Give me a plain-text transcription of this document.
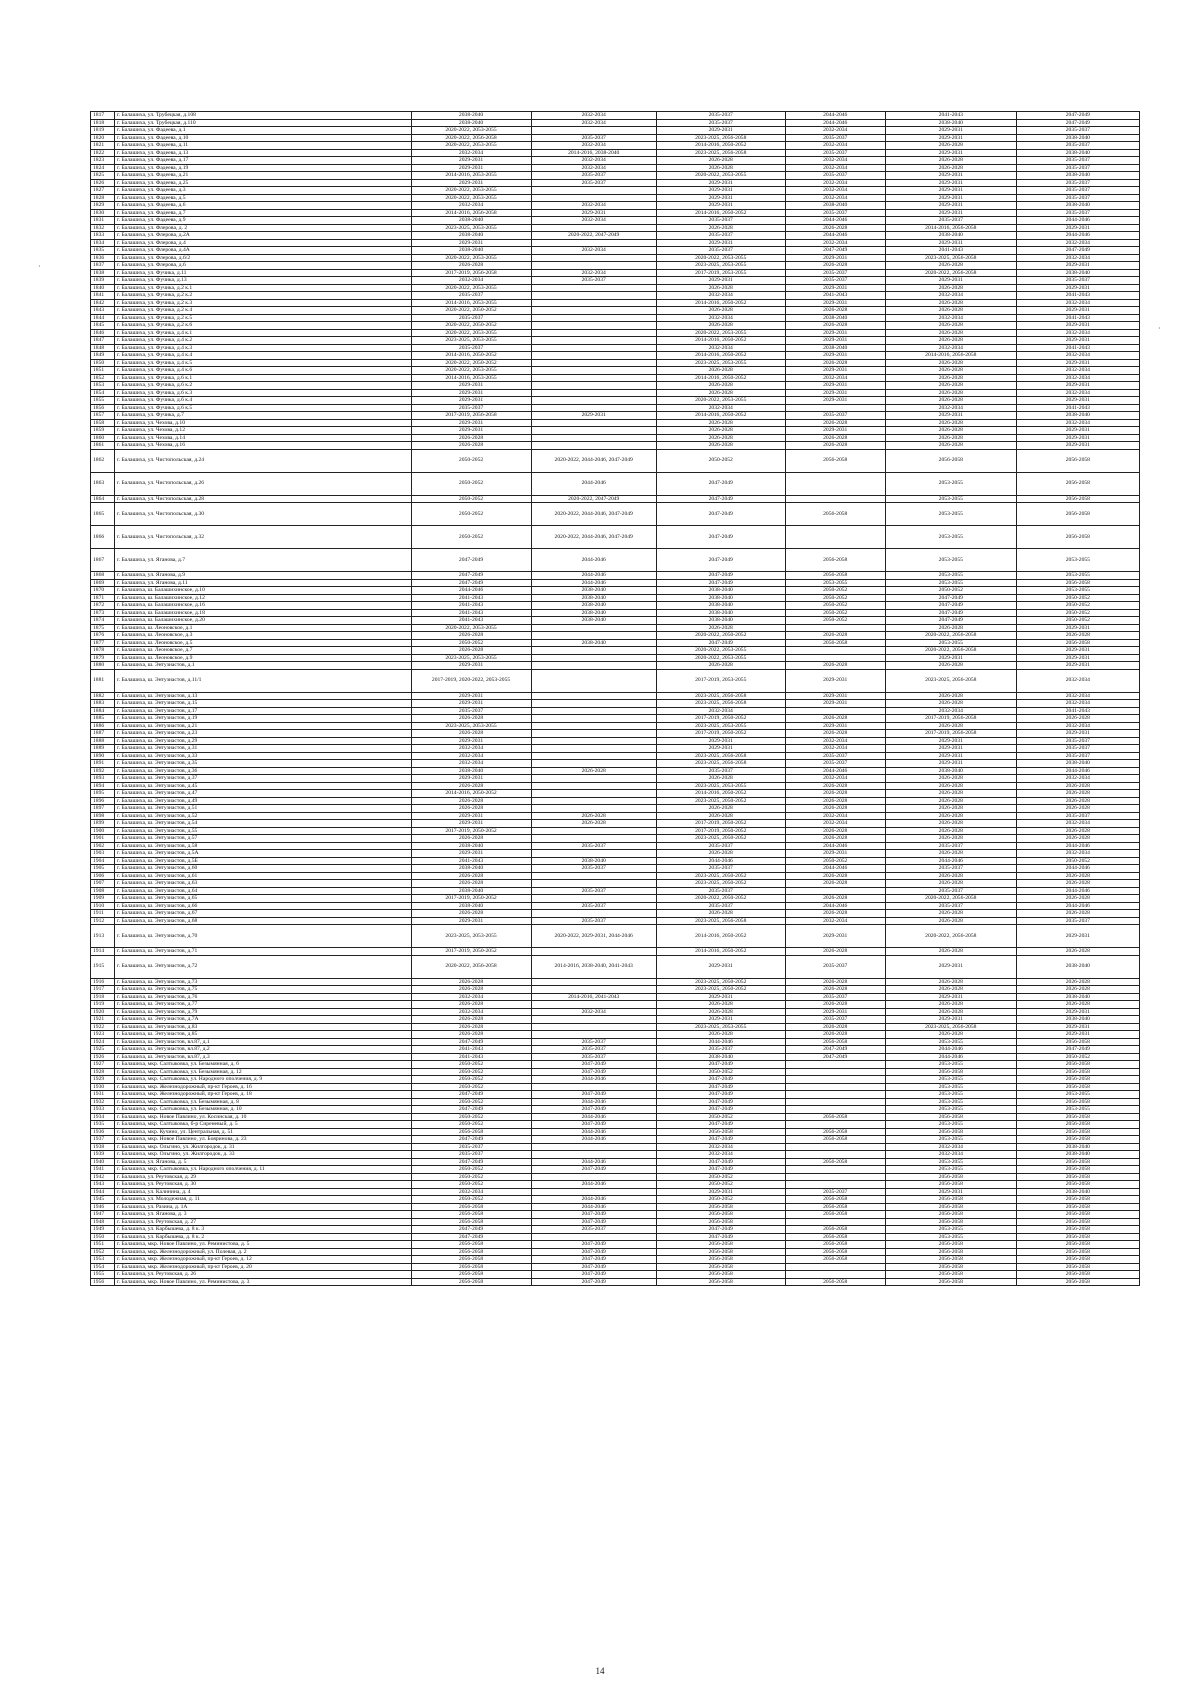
1817	г. Балашиха, ул. Трубецкая, д.108	2038-2040	2032-2034	2035-2037	2044-2046	2041-2043	2047-2049
1818	г. Балашиха, ул. Трубецкая, д.110	2038-2040	2032-2034	2035-2037	2044-2046	2038-2040	2047-2049
1819	г. Балашиха, ул. Фадеева, д.1	2020-2022, 2053-2055		2029-2031	2032-2034	2029-2031	2035-2037
1820	г. Балашиха, ул. Фадеева, д.10	2020-2022, 2056-2058	2035-2037	2023-2025, 2056-2058	2035-2037	2029-2031	2038-2040
1821	г. Балашиха, ул. Фадеева, д.11	2020-2022, 2053-2055	2032-2034	2014-2016, 2050-2052	2032-2034	2026-2028	2035-2037
1822	г. Балашиха, ул. Фадеева, д.13	2032-2034	2014-2016, 2038-2040	2023-2025, 2056-2058	2035-2037	2029-2031	2038-2040
1823	г. Балашиха, ул. Фадеева, д.17	2029-2031	2032-2034	2026-2028	2032-2034	2026-2028	2035-2037
1824	г. Балашиха, ул. Фадеева, д.19	2029-2031	2032-2034	2026-2028	2032-2034	2026-2028	2035-2037
1825	г. Балашиха, ул. Фадеева, д.21	2014-2016, 2053-2055	2035-2037	2020-2022, 2053-2055	2035-2037	2029-2031	2038-2040
1826	г. Балашиха, ул. Фадеева, д.25	2029-2031	2035-2037	2029-2031	2032-2034	2029-2031	2035-2037
1827	г. Балашиха, ул. Фадеева, д.3	2020-2022, 2053-2055		2029-2031	2032-2034	2029-2031	2035-2037
1828	г. Балашиха, ул. Фадеева, д.5	2020-2022, 2053-2055		2029-2031	2032-2034	2029-2031	2035-2037
1829	г. Балашиха, ул. Фадеева, д.6	2032-2034	2032-2034	2029-2031	2038-2040	2029-2031	2038-2040
1830	г. Балашиха, ул. Фадеева, д.7	2014-2016, 2056-2058	2029-2031	2014-2016, 2050-2052	2035-2037	2029-2031	2035-2037
1831	г. Балашиха, ул. Фадеева, д.9	2038-2040	2032-2034	2035-2037	2044-2046	2035-2037	2044-2046
1832	г. Балашиха, ул. Флерова, д. 2	2023-2025, 2053-2055		2026-2028	2026-2028	2014-2016, 2056-2058	2029-2031
1833	г. Балашиха, ул. Флерова, д.2А	2038-2040	2020-2022, 2047-2049	2035-2037	2044-2046	2038-2040	2044-2046
1834	г. Балашиха, ул. Флерова, д.4	2029-2031		2029-2031	2032-2034	2029-2031	2032-2034
1835	г. Балашиха, ул. Флерова, д.4А	2038-2040	2032-2034	2035-2037	2047-2049	2041-2043	2047-2049
1836	г. Балашиха, ул. Флерова, д.6/2	2020-2022, 2053-2055		2020-2022, 2053-2055	2029-2031	2023-2025, 2056-2058	2032-2034
1837	г. Балашиха, ул. Флерова, д.6	2026-2028		2023-2025, 2053-2055	2026-2028	2026-2028	2029-2031
1838	г. Балашиха, ул. Фучика, д.11	2017-2019, 2056-2058	2032-2034	2017-2019, 2053-2055	2035-2037	2020-2022, 2056-2058	2038-2040
1839	г. Балашиха, ул. Фучика, д.13	2032-2034	2035-2037	2029-2031	2035-2037	2029-2031	2035-2037
1840	г. Балашиха, ул. Фучика, д.2 к.1	2020-2022, 2053-2055		2026-2028	2029-2031	2026-2028	2029-2031
1841	г. Балашиха, ул. Фучика, д.2 к.2	2035-2037		2032-2034	2041-2043	2032-2034	2041-2043
1842	г. Балашиха, ул. Фучика, д.2 к.3	2014-2016, 2053-2055		2014-2016, 2050-2052	2029-2031	2026-2028	2032-2034
1843	г. Балашиха, ул. Фучика, д.2 к.4	2020-2022, 2050-2052		2026-2028	2026-2028	2026-2028	2029-2031
1844	г. Балашиха, ул. Фучика, д.2 к.5	2035-2037		2032-2034	2038-2040	2032-2034	2041-2043
1845	г. Балашиха, ул. Фучика, д.2 к.6	2020-2022, 2050-2052		2026-2028	2026-2028	2026-2028	2029-2031
1846	г. Балашиха, ул. Фучика, д.4 к.1	2020-2022, 2053-2055		2020-2022, 2053-2055	2029-2031	2026-2028	2032-2034
1847	г. Балашиха, ул. Фучика, д.4 к.2	2023-2025, 2053-2055		2014-2016, 2050-2052	2029-2031	2026-2028	2029-2031
1848	г. Балашиха, ул. Фучика, д.4 к.3	2035-2037		2032-2034	2038-2040	2032-2034	2041-2043
1849	г. Балашиха, ул. Фучика, д.4 к.4	2014-2016, 2050-2052		2014-2016, 2050-2052	2029-2031	2014-2016, 2056-2058	2032-2034
1850	г. Балашиха, ул. Фучика, д.4 к.5	2020-2022, 2050-2052		2023-2025, 2053-2055	2026-2028	2026-2028	2029-2031
1851	г. Балашиха, ул. Фучика, д.4 к.6	2020-2022, 2053-2055		2026-2028	2029-2031	2026-2028	2032-2034
1852	г. Балашиха, ул. Фучика, д.6 к.1	2014-2016, 2053-2055		2014-2016, 2050-2052	2032-2034	2026-2028	2032-2034
1853	г. Балашиха, ул. Фучика, д.6 к.2	2029-2031		2026-2028	2029-2031	2026-2028	2029-2031
1854	г. Балашиха, ул. Фучика, д.6 к.3	2029-2031		2026-2028	2029-2031	2026-2028	2032-2034
1855	г. Балашиха, ул. Фучика, д.6 к.4	2029-2031		2020-2022, 2053-2055	2029-2031	2026-2028	2029-2031
1856	г. Балашиха, ул. Фучика, д.6 к.5	2035-2037		2032-2034		2032-2034	2041-2043
1857	г. Балашиха, ул. Фучика, д.7	2017-2019, 2056-2058	2029-2031	2014-2016, 2050-2052	2035-2037	2029-2031	2038-2040
1858	г. Балашиха, ул. Чехова, д.10	2029-2031		2026-2028	2026-2028	2026-2028	2032-2034
1859	г. Балашиха, ул. Чехова, д.12	2029-2031		2026-2028	2029-2031	2026-2028	2029-2031
1860	г. Балашиха, ул. Чехова, д.14	2026-2028		2026-2028	2026-2028	2026-2028	2029-2031
1861	г. Балашиха, ул. Чехова, д.16	2026-2028		2026-2028	2026-2028	2026-2028	2029-2031
1862	г. Балашиха, ул. Чистопольская, д.24	2050-2052	2020-2022, 2044-2046, 2047-2049	2050-2052	2056-2058	2056-2058	2056-2058
1863	г. Балашиха, ул. Чистопольская, д.26	2050-2052	2044-2046	2047-2049		2053-2055	2056-2058
1864	г. Балашиха, ул. Чистопольская, д.28	2050-2052	2020-2022, 2047-2049	2047-2049		2053-2055	2056-2058
1865	г. Балашиха, ул. Чистопольская, д.30	2050-2052	2020-2022, 2044-2046, 2047-2049	2047-2049	2056-2058	2053-2055	2056-2058
1866	г. Балашиха, ул. Чистопольская, д.32	2050-2052	2020-2022, 2044-2046, 2047-2049	2047-2049		2053-2055	2056-2058
1867	г. Балашиха, ул. Яганова, д.7	2047-2049	2044-2046	2047-2049	2056-2058	2053-2055	2053-2055
1868	г. Балашиха, ул. Яганова, д.9	2047-2049	2044-2046	2047-2049	2056-2058	2053-2055	2053-2055
1869	г. Балашиха, ул. Яганова, д.11	2047-2049	2044-2046	2047-2049	2053-2055	2053-2055	2056-2058
1870	г. Балашиха, ш. Балашихинское, д.10	2044-2046	2038-2040	2038-2040	2050-2052	2050-2052	2053-2055
1871	г. Балашиха, ш. Балашихинское, д.12	2041-2043	2038-2040	2038-2040	2050-2052	2047-2049	2050-2052
1872	г. Балашиха, ш. Балашихинское, д.16	2041-2043	2038-2040	2038-2040	2050-2052	2047-2049	2050-2052
1873	г. Балашиха, ш. Балашихинское, д.18	2041-2043	2038-2040	2038-2040	2050-2052	2047-2049	2050-2052
1874	г. Балашиха, ш. Балашихинское, д.20	2041-2043	2038-2040	2038-2040	2050-2052	2047-2049	2050-2052
1875	г. Балашиха, ш. Леоновское, д.1	2020-2022, 2053-2055		2026-2028		2026-2028	2029-2031
1876	г. Балашиха, ш. Леоновское, д.3	2026-2028		2020-2022, 2050-2052	2026-2028	2020-2022, 2056-2058	2026-2028
1877	г. Балашиха, ш. Леоновское, д.5	2050-2052	2038-2040	2047-2049	2056-2058	2053-2055	2056-2058
1878	г. Балашиха, ш. Леоновское, д.7	2026-2028		2020-2022, 2053-2055		2020-2022, 2056-2058	2029-2031
1879	г. Балашиха, ш. Леоновское, д.9	2023-2025, 2053-2055		2020-2022, 2053-2055		2029-2031	2029-2031
1880	г. Балашиха, ш. Энтузиастов, д.1	2029-2031		2026-2028	2026-2028	2026-2028	2029-2031
1881	г. Балашиха, ш. Энтузиастов, д.11/1	2017-2019, 2020-2022, 2053-2055		2017-2019, 2053-2055	2029-2031	2023-2025, 2056-2058	2032-2034
1882	г. Балашиха, ш. Энтузиастов, д.13	2029-2031		2023-2025, 2056-2058	2029-2031	2026-2028	2032-2034
1883	г. Балашиха, ш. Энтузиастов, д.15	2029-2031		2023-2025, 2056-2058	2029-2031	2026-2028	2032-2034
1884	г. Балашиха, ш. Энтузиастов, д.17	2035-2037		2032-2034		2032-2034	2041-2043
1885	г. Балашиха, ш. Энтузиастов, д.19	2026-2028		2017-2019, 2050-2052	2026-2028	2017-2019, 2056-2058	2026-2028
1886	г. Балашиха, ш. Энтузиастов, д.21	2023-2025, 2053-2055		2023-2025, 2053-2055	2029-2031	2026-2028	2032-2034
1887	г. Балашиха, ш. Энтузиастов, д.23	2026-2028		2017-2019, 2050-2052	2026-2028	2017-2019, 2056-2058	2029-2031
1888	г. Балашиха, ш. Энтузиастов, д.29	2029-2031		2029-2031	2032-2034	2029-2031	2035-2037
1889	г. Балашиха, ш. Энтузиастов, д.31	2032-2034		2029-2031	2032-2034	2029-2031	2035-2037
1890	г. Балашиха, ш. Энтузиастов, д.33	2032-2034		2023-2025, 2056-2058	2035-2037	2029-2031	2035-2037
1891	г. Балашиха, ш. Энтузиастов, д.35	2032-2034		2023-2025, 2056-2058	2035-2037	2029-2031	2038-2040
1892	г. Балашиха, ш. Энтузиастов, д.36	2038-2040	2026-2028	2035-2037	2044-2046	2038-2040	2044-2046
1893	г. Балашиха, ш. Энтузиастов, д.37	2029-2031		2026-2028	2032-2034	2026-2028	2032-2034
1894	г. Балашиха, ш. Энтузиастов, д.45	2026-2028		2023-2025, 2053-2055	2026-2028	2026-2028	2026-2028
1895	г. Балашиха, ш. Энтузиастов, д.47	2014-2016, 2050-2052		2014-2016, 2050-2052	2026-2028	2026-2028	2026-2028
1896	г. Балашиха, ш. Энтузиастов, д.49	2026-2028		2023-2025, 2050-2052	2026-2028	2026-2028	2026-2028
1897	г. Балашиха, ш. Энтузиастов, д.51	2026-2028		2026-2028	2026-2028	2026-2028	2026-2028
1898	г. Балашиха, ш. Энтузиастов, д.52	2029-2031	2026-2028	2026-2028	2032-2034	2026-2028	2035-2037
1899	г. Балашиха, ш. Энтузиастов, д.54	2029-2031	2026-2028	2017-2019, 2050-2052	2032-2034	2026-2028	2032-2034
1900	г. Балашиха, ш. Энтузиастов, д.55	2017-2019, 2050-2052		2017-2019, 2050-2052	2026-2028	2026-2028	2026-2028
1901	г. Балашиха, ш. Энтузиастов, д.57	2026-2028		2023-2025, 2050-2052	2026-2028	2026-2028	2026-2028
1902	г. Балашиха, ш. Энтузиастов, д.58	2038-2040	2035-2037	2035-2037	2044-2046	2035-2037	2044-2046
1903	г. Балашиха, ш. Энтузиастов, д.5А	2029-2031		2026-2028	2029-2031	2026-2028	2032-2034
1904	г. Балашиха, ш. Энтузиастов, д.5Б	2041-2043	2038-2040	2044-2046	2050-2052	2044-2046	2050-2052
1905	г. Балашиха, ш. Энтузиастов, д.60	2038-2040	2035-2037	2035-2037	2044-2046	2035-2037	2044-2046
1906	г. Балашиха, ш. Энтузиастов, д.61	2026-2028		2023-2025, 2050-2052	2026-2028	2026-2028	2026-2028
1907	г. Балашиха, ш. Энтузиастов, д.63	2026-2028		2023-2025, 2050-2052	2026-2028	2026-2028	2026-2028
1908	г. Балашиха, ш. Энтузиастов, д.64	2038-2040	2035-2037	2035-2037		2035-2037	2044-2046
1909	г. Балашиха, ш. Энтузиастов, д.65	2017-2019, 2050-2052		2020-2022, 2050-2052	2026-2028	2020-2022, 2056-2058	2026-2028
1910	г. Балашиха, ш. Энтузиастов, д.66	2038-2040	2035-2037	2035-2037	2044-2046	2035-2037	2044-2046
1911	г. Балашиха, ш. Энтузиастов, д.67	2026-2028		2026-2028	2026-2028	2026-2028	2026-2028
1912	г. Балашиха, ш. Энтузиастов, д.68	2029-2031	2035-2037	2023-2025, 2056-2058	2032-2034	2026-2028	2035-2037
1913	г. Балашиха, ш. Энтузиастов, д.70	2023-2025, 2053-2055	2020-2022, 2029-2031, 2044-2046	2014-2016, 2050-2052	2029-2031	2020-2022, 2056-2058	2029-2031
1914	г. Балашиха, ш. Энтузиастов, д.71	2017-2019, 2050-2052		2014-2016, 2050-2052	2026-2028	2026-2028	2026-2028
1915	г. Балашиха, ш. Энтузиастов, д.72	2020-2022, 2056-2058	2014-2016, 2038-2040, 2041-2043	2029-2031	2035-2037	2029-2031	2038-2040
1916	г. Балашиха, ш. Энтузиастов, д.73	2026-2028		2023-2025, 2050-2052	2026-2028	2026-2028	2026-2028
1917	г. Балашиха, ш. Энтузиастов, д.75	2026-2028		2023-2025, 2050-2052	2026-2028	2026-2028	2026-2028
1918	г. Балашиха, ш. Энтузиастов, д.76	2032-2034	2014-2016, 2041-2043	2029-2031	2035-2037	2029-2031	2038-2040
1919	г. Балашиха, ш. Энтузиастов, д.77	2026-2028		2026-2028	2026-2028	2026-2028	2026-2028
1920	г. Балашиха, ш. Энтузиастов, д.79	2032-2034	2032-2034	2026-2028	2029-2031	2026-2028	2029-2031
1921	г. Балашиха, ш. Энтузиастов, д.7А	2026-2028		2029-2031	2035-2037	2029-2031	2038-2040
1922	г. Балашиха, ш. Энтузиастов, д.83	2026-2028		2023-2025, 2053-2055	2026-2028	2023-2025, 2056-2058	2029-2031
1923	г. Балашиха, ш. Энтузиастов, д.85	2026-2028		2026-2028	2026-2028	2026-2028	2029-2031
1924	г. Балашиха, ш. Энтузиастов, вл.87, д.1	2047-2049	2035-2037	2044-2046	2056-2058	2053-2055	2056-2058
1925	г. Балашиха, ш. Энтузиастов, вл.87, д.2	2041-2043	2035-2037	2035-2037	2047-2049	2044-2046	2047-2049
1926	г. Балашиха, ш. Энтузиастов, вл.87, д.3	2041-2043	2035-2037	2038-2040	2047-2049	2044-2046	2050-2052
1927	г. Балашиха, мкр. Салтыковка, ул. Безымянная, д. 6	2050-2052	2047-2049	2047-2049		2053-2055	2056-2058
1928	г. Балашиха, мкр. Салтыковка, ул. Безымянная, д. 12	2050-2052	2047-2049	2050-2052		2056-2058	2056-2058
1929	г. Балашиха, мкр. Салтыковка, ул. Народного ополчения, д. 9	2050-2052	2044-2046	2047-2049		2053-2055	2056-2058
1930	г. Балашиха, мкр. Железнодорожный, пр-кт Героев, д. 16	2050-2052		2047-2049		2053-2055	2056-2058
1931	г. Балашиха, мкр. Железнодорожный, пр-кт Героев, д. 18	2047-2049	2047-2049	2047-2049		2053-2055	2053-2055
1932	г. Балашиха, мкр. Салтыковка, ул. Безымянная, д. 8	2050-2052	2044-2046	2047-2049		2053-2055	2056-2058
1933	г. Балашиха, мкр. Салтыковка, ул. Безымянная, д. 10	2047-2049	2047-2049	2047-2049		2053-2055	2053-2055
1934	г. Балашиха, мкр. Новое Павлино, ул. Косинская, д. 10	2050-2052	2044-2046	2050-2052	2056-2058	2056-2058	2056-2058
1935	г. Балашиха, мкр. Салтыковка, б-р Сиреневый, д. 5	2050-2052	2047-2049	2047-2049		2053-2055	2056-2058
1936	г. Балашиха, мкр. Кучино, ул. Центральная, д. 51	2056-2058	2044-2046	2056-2058	2056-2058	2056-2058	2056-2058
1937	г. Балашиха, мкр. Новое Павлино, ул. Бояринова, д. 23	2047-2049	2044-2046	2047-2049	2056-2058	2053-2055	2056-2058
1938	г. Балашиха, мкр. Ольгино, ул. Жилгородок, д. 31	2035-2037		2032-2034		2032-2034	2038-2040
1939	г. Балашиха, мкр. Ольгино, ул. Жилгородок, д. 33	2035-2037		2032-2034		2032-2034	2038-2040
1940	г. Балашиха, ул. Яганова, д. 5	2047-2049	2044-2046	2047-2049	2056-2058	2053-2055	2056-2058
1941	г. Балашиха, мкр. Салтыковка, ул. Народного ополчения, д. 11	2050-2052	2047-2049	2047-2049		2053-2055	2056-2058
1942	г. Балашиха, ул. Реутовская, д. 29	2050-2052		2050-2052		2056-2058	2056-2058
1943	г. Балашиха, ул. Реутовская, д. 30	2050-2052	2044-2046	2050-2052		2056-2058	2056-2058
1944	г. Балашиха, ул. Калинина, д. 4	2032-2034		2029-2031	2035-2037	2029-2031	2038-2040
1945	г. Балашиха, ул. Молодежная, д. 11	2050-2052	2044-2046	2050-2052	2056-2058	2056-2058	2056-2058
1946	г. Балашиха, ул. Разина, д. 1А	2056-2058	2044-2046	2056-2058	2056-2058	2056-2058	2056-2058
1947	г. Балашиха, ул. Яганова, д. 3	2056-2058	2047-2049	2056-2058	2056-2058	2056-2058	2056-2058
1948	г. Балашиха, ул. Реутовская, д. 27	2056-2058	2047-2049	2056-2058		2056-2058	2056-2058
1949	г. Балашиха, ул. Карбышева, д. 8 к. 3	2047-2049	2035-2037	2047-2049	2056-2058	2053-2055	2056-2058
1950	г. Балашиха, ул. Карбышева, д. 8 к. 2	2047-2049		2047-2049	2056-2058	2053-2055	2056-2058
1951	г. Балашиха, мкр. Новое Павлино, ул. Реминистова, д. 5	2056-2058	2047-2049	2056-2058	2056-2058	2056-2058	2056-2058
1952	г. Балашиха, мкр. Железнодорожный, ул. Полевая, д. 2	2056-2058	2047-2049	2056-2058	2056-2058	2056-2058	2056-2058
1953	г. Балашиха, мкр. Железнодорожный, пр-кт Героев, д. 12	2056-2058	2047-2049	2056-2058	2056-2058	2056-2058	2056-2058
1954	г. Балашиха, мкр. Железнодорожный, пр-кт Героев, д. 20	2056-2058	2047-2049	2056-2058		2056-2058	2056-2058
1955	г. Балашиха, ул. Реутовская, д. 26	2056-2058	2047-2049	2056-2058		2056-2058	2056-2058
1956	г. Балашиха, мкр. Новое Павлино, ул. Реминистова, д. 3	2056-2058	2047-2049	2056-2058	2056-2058	2056-2058	2056-2058
·
·
14
